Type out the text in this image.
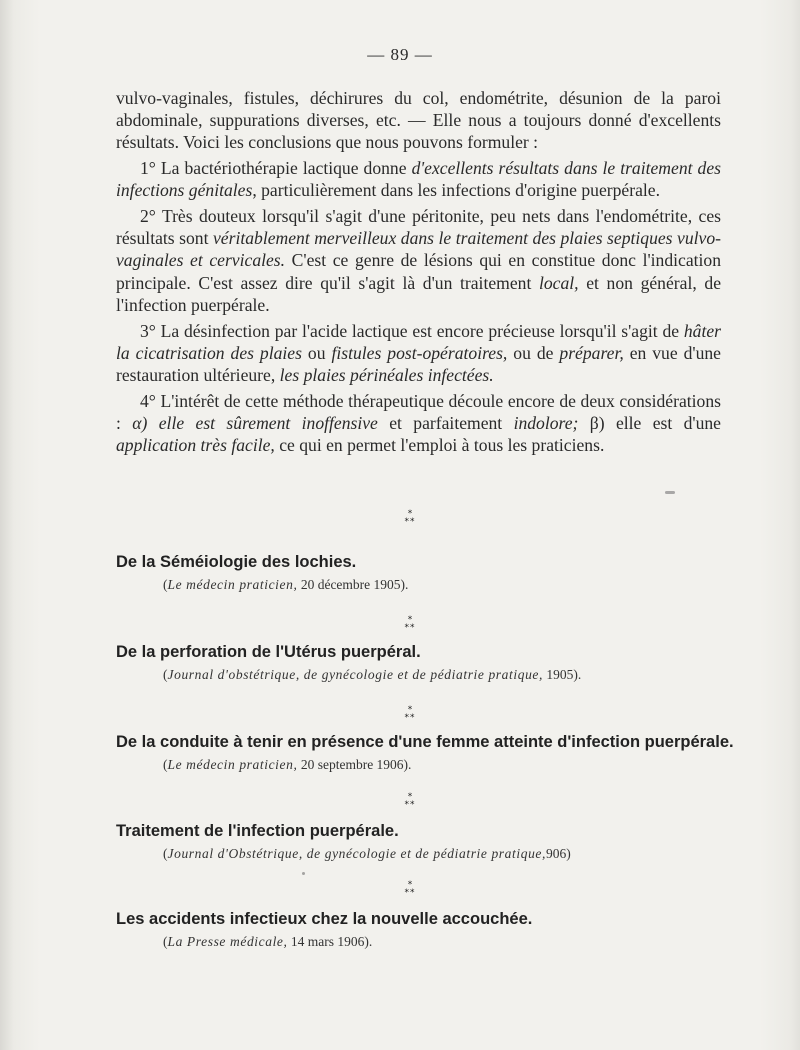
— 89 —

vulvo-vaginales, fistules, déchirures du col, endométrite, désunion de la paroi abdominale, suppurations diverses, etc. — Elle nous a toujours donné d'excellents résultats. Voici les conclusions que nous pouvons formuler :

1° La bactériothérapie lactique donne d'excellents résultats dans le traitement des infections génitales, particulièrement dans les infections d'origine puerpérale.

2° Très douteux lorsqu'il s'agit d'une péritonite, peu nets dans l'endométrite, ces résultats sont véritablement merveilleux dans le traitement des plaies septiques vulvo-vaginales et cervicales. C'est ce genre de lésions qui en constitue donc l'indication principale. C'est assez dire qu'il s'agit là d'un traitement local, et non général, de l'infection puerpérale.

3° La désinfection par l'acide lactique est encore précieuse lorsqu'il s'agit de hâter la cicatrisation des plaies ou fistules post-opératoires, ou de préparer, en vue d'une restauration ultérieure, les plaies périnéales infectées.

4° L'intérêt de cette méthode thérapeutique découle encore de deux considérations : α) elle est sûrement inoffensive et parfaitement indolore; β) elle est d'une application très facile, ce qui en permet l'emploi à tous les praticiens.

*
**
De la Séméiologie des lochies.
(Le médecin praticien, 20 décembre 1905).
*
**
De la perforation de l'Utérus puerpéral.
(Journal d'obstétrique, de gynécologie et de pédiatrie pratique, 1905).
*
**
De la conduite à tenir en présence d'une femme atteinte d'infection puerpérale.
(Le médecin praticien, 20 septembre 1906).
*
**
Traitement de l'infection puerpérale.
(Journal d'Obstétrique, de gynécologie et de pédiatrie pratique,906)
*
**
Les accidents infectieux chez la nouvelle accouchée.
(La Presse médicale, 14 mars 1906).
